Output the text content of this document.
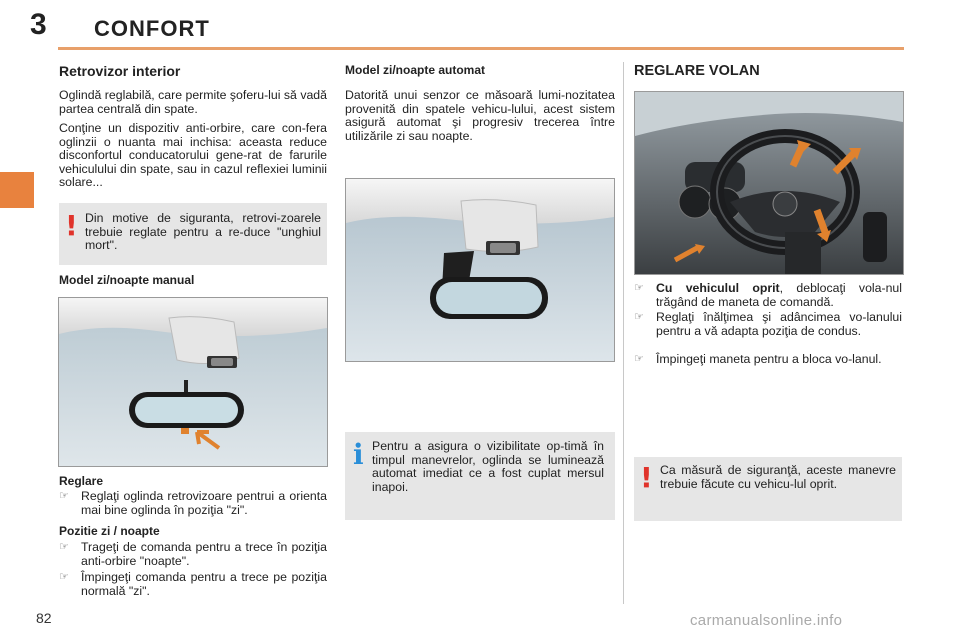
3 CONFORT
Retrovizor interior

Oglindă reglabilă, care permite şoferu-lui să vadă partea centrală din spate.

Conţine un dispozitiv anti-orbire, care con-fera oglinzii o nuanta mai inchisa: aceasta reduce disconfortul conducatorului gene-rat de farurile vehiculului din spate, sau in cazul reflexiei luminii solare...

! Din motive de siguranta, retrovi-zoarele trebuie reglate pentru a re-duce "unghiul mort".
Model zi/noapte manual
Reglare
☞ Reglaţi oglinda retrovizoare pentrui a orienta mai bine oglinda în poziţia "zi".
Pozitie zi / noapte
☞ Trageţi de comanda pentru a trece în poziţia anti-orbire "noapte".
☞ Împingeţi comanda pentru a trece pe poziţia normală "zi".
Model zi/noapte automat

Datorită unui senzor ce măsoară lumi-nozitatea provenită din spatele vehicu-lului, acest sistem asigură automat şi progresiv trecerea între utilizările zi sau noapte.

i Pentru a asigura o vizibilitate op-timă în timpul manevrelor, oglinda se luminează automat imediat ce a fost cuplat mersul inapoi.
REGLARE VOLAN
☞ Cu vehiculul oprit, deblocaţi vola-nul trăgând de maneta de comandă.
☞ Reglaţi înălţimea şi adâncimea vo-lanului pentru a vă adapta poziţia de condus.
☞ Împingeţi maneta pentru a bloca vo-lanul.
! Ca măsură de siguranţă, aceste manevre trebuie făcute cu vehicu-lul oprit.
82	carmanualsonline.info
